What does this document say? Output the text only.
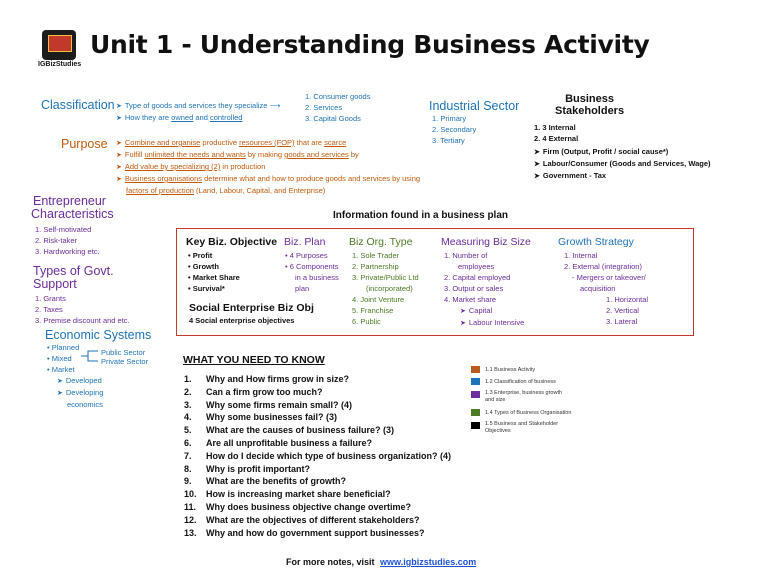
IGBizStudies
Unit 1 - Understanding Business Activity
Classification ➤ Type of goods and services they specialize ⟶
➤ How they are owned and controlled
1. Consumer goods
2. Services
3. Capital Goods
Industrial Sector
1. Primary
2. Secondary
3. Tertiary
Business
Stakeholders
1. 3 Internal
2. 4 External
➤ Firm (Output, Profit / social cause*)
➤ Labour/Consumer (Goods and Services, Wage)
➤ Government - Tax
Purpose ➤ Combine and organise productive resources (FOP) that are scarce
➤ Fulfill unlimited the needs and wants by making goods and services by
➤ Add value by specializing (2) in production
➤ Business organisations determine what and how to produce goods and services by using
factors of production (Land, Labour, Capital, and Enterprise)
Entrepreneur
Characteristics
1. Self-motivated
2. Risk-taker
3. Hardworking etc.
Types of Govt.
Support
1. Grants
2. Taxes
3. Premise discount and etc.
Economic Systems
• Planned
• Mixed
• Market
➤ Developed
➤ Developing
economics
Public Sector
Private Sector
Information found in a business plan
Key Biz. Objective
• Profit
• Growth
• Market Share
• Survival*
Social Enterprise Biz Obj
4 Social enterprise objectives
Biz. Plan
• 4 Purposes
• 6 Components
in a business
plan
Biz Org. Type
1. Sole Trader
2. Partnership
3. Private/Public Ltd
(incorporated)
4. Joint Venture
5. Franchise
6. Public
Measuring Biz Size
1. Number of
employees
2. Capital employed
3. Output or sales
4. Market share
➤ Capital
➤ Labour Intensive
Growth Strategy
1. Internal
2. External (integration)
- Mergers or takeover/
acquisition
1. Horizontal
2. Vertical
3. Lateral
WHAT YOU NEED TO KNOW
1. Why and How firms grow in size?
2. Can a firm grow too much?
3. Why some firms remain small? (4)
4. Why some businesses fail? (3)
5. What are the causes of business failure? (3)
6. Are all unprofitable business a failure?
7. How do I decide which type of business organization? (4)
8. Why is profit important?
9. What are the benefits of growth?
10. How is increasing market share beneficial?
11. Why does business objective change overtime?
12. What are the objectives of different stakeholders?
13. Why and how do government support businesses?
1.1 Business Activity
1.2 Classification of business
1.3 Enterprise, business growth and size
1.4 Types of Business Organisation
1.5 Business and Stakeholder Objectives
For more notes, visit www.igbizstudies.com
